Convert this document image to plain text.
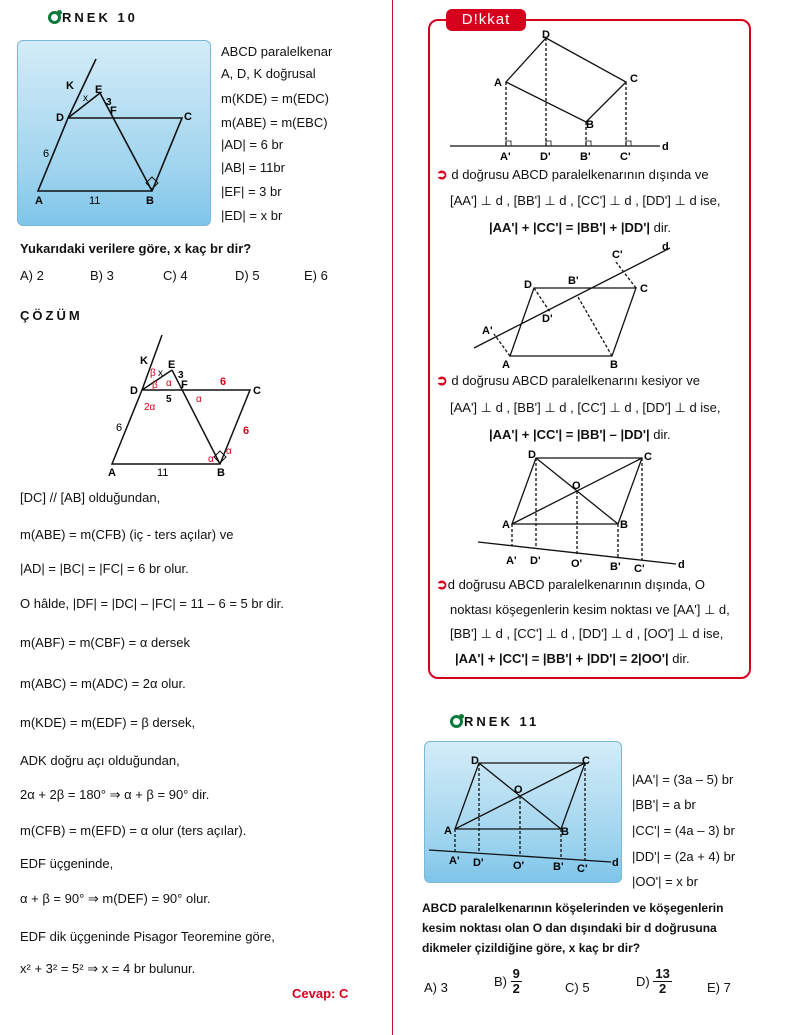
RNEK 10
K E
D
F	C
A	B
x 3
6
11
ABCD paralelkenar
A, D, K doğrusal
m(KDE) = m(EDC)
m(ABE) = m(EBC)
|AD| = 6 br
|AB| = 11br
|EF| = 3 br
|ED| = x br
Yukarıdaki verilere göre, x kaç br dir?
A) 2	B) 3	C) 4	D) 5	E) 6
ÇÖZÜM
K E
D	F	C
A	B
β x 3
β α	6
5 α
2α
6	6
α
α
11
[DC] // [AB] olduğundan,
m(ABE) = m(CFB) (iç - ters açılar) ve
|AD| = |BC| = |FC| = 6 br olur.
O hâlde, |DF| = |DC| – |FC| = 11 – 6 = 5 br dir.
m(ABF) = m(CBF) = α dersek
m(ABC) = m(ADC) = 2α olur.
m(KDE) = m(EDF) = β dersek,
ADK doğru açı olduğundan,
2α + 2β = 180° ⇒ α + β = 90° dir.
m(CFB) = m(EFD) = α olur (ters açılar).
EDF üçgeninde,
α + β = 90° ⇒ m(DEF) = 90° olur.
EDF dik üçgeninde Pisagor Teoremine göre,
x² + 3² = 5² ⇒ x = 4 br bulunur.
Cevap: C
D!kkat
A
D
C
B
A'	D'	B'	C'
d
➲ d doğrusu ABCD paralelkenarının dışında ve
[AA'] ⊥ d , [BB'] ⊥ d , [CC'] ⊥ d , [DD'] ⊥ d ise,
|AA'| + |CC'| = |BB'| + |DD'| dir.
A	B
C
D
A'
D'
B'
C'
d
➲ d doğrusu ABCD paralelkenarını kesiyor ve
[AA'] ⊥ d , [BB'] ⊥ d , [CC'] ⊥ d , [DD'] ⊥ d ise,
|AA'| + |CC'| = |BB'| – |DD'| dir.
A	B
C
D
O
A' D'	O'	B' C'	d
➲d doğrusu ABCD paralelkenarının dışında, O
noktası köşegenlerin kesim noktası ve [AA'] ⊥ d,
[BB'] ⊥ d , [CC'] ⊥ d , [DD'] ⊥ d , [OO'] ⊥ d ise,
|AA'| + |CC'| = |BB'| + |DD'| = 2|OO'| dir.
RNEK 11
A	B
C
D
O
A' D'	O'	B' C' d
|AA'| = (3a – 5) br
|BB'| = a br
|CC'| = (4a – 3) br
|DD'| = (2a + 4) br
|OO'| = x br
ABCD paralelkenarının köşelerinden ve köşegenlerin
kesim noktası olan O dan dışındaki bir d doğrusuna
dikmeler çizildiğine göre, x kaç br dir?
A) 3	$B) \frac{9}{2}$	C) 5	$D) \frac{13}{2}$	E) 7
